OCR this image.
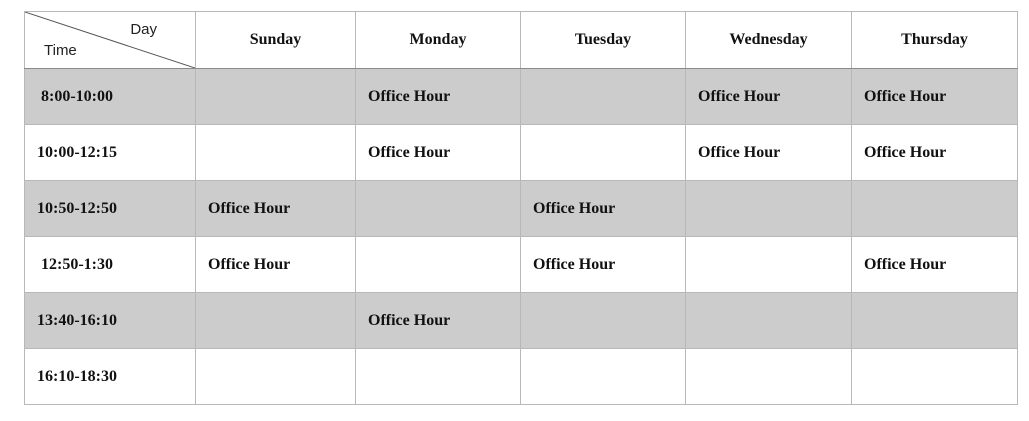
Day
Time	Sunday	Monday	Tuesday	Wednesday	Thursday
8:00-10:00		Office Hour		Office Hour	Office Hour
10:00-12:15		Office Hour		Office Hour	Office Hour
10:50-12:50	Office Hour		Office Hour		
12:50-1:30	Office Hour		Office Hour		Office Hour
13:40-16:10		Office Hour			
16:10-18:30					
